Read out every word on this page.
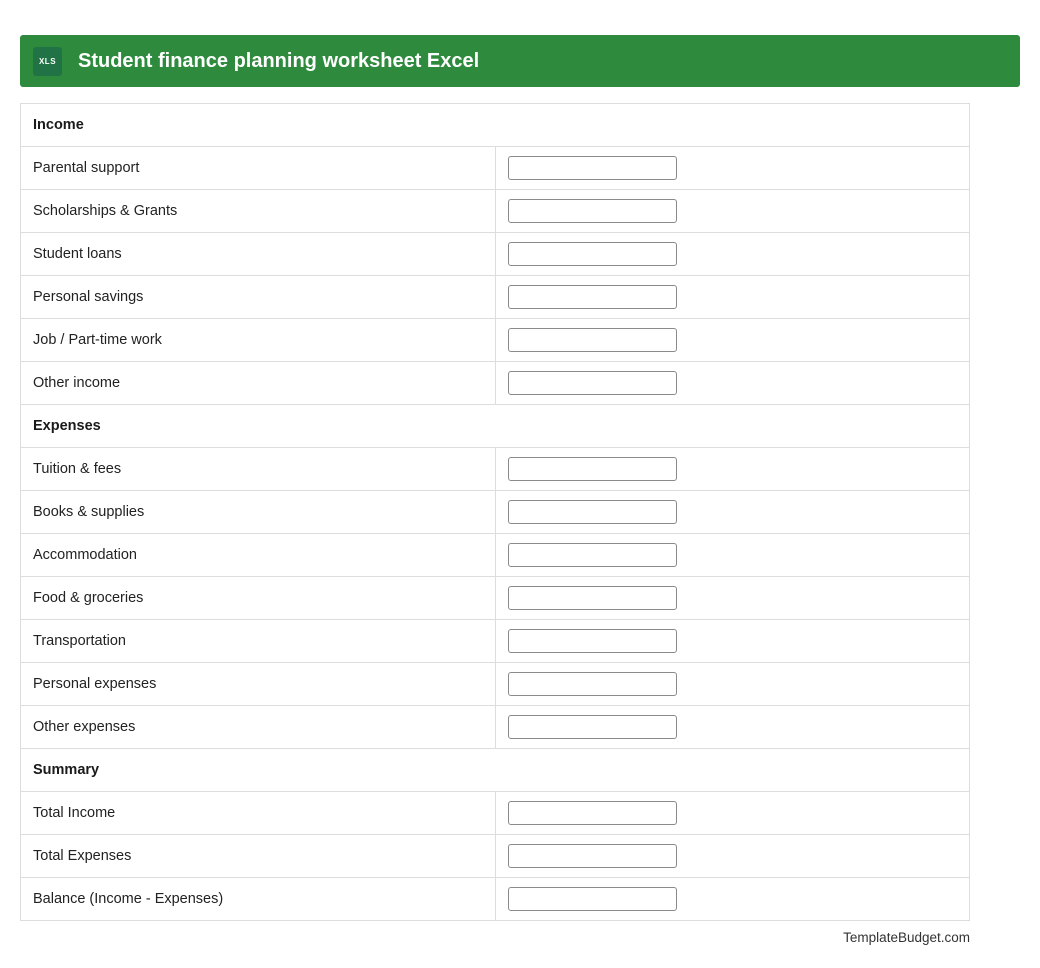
XLS Student finance planning worksheet Excel
Income	
Parental support	

Scholarships & Grants	

Student loans	

Personal savings	

Job / Part-time work	

Other income	

Expenses	
Tuition & fees	

Books & supplies	

Accommodation	

Food & groceries	

Transportation	

Personal expenses	

Other expenses	

Summary	
Total Income	

Total Expenses	

Balance (Income - Expenses)	
TemplateBudget.com
